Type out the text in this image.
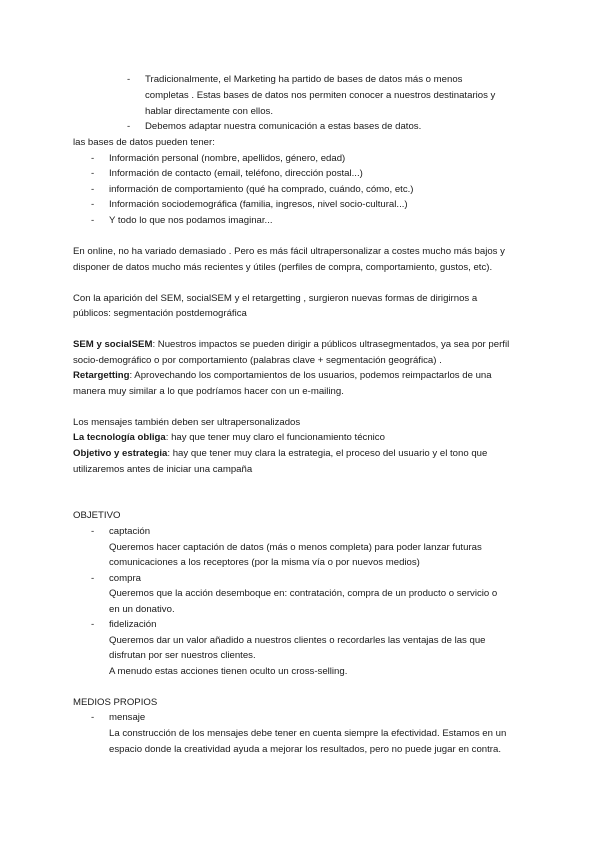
- Tradicionalmente, el Marketing ha partido de bases de datos más o menos
completas . Estas bases de datos nos permiten conocer a nuestros destinatarios y
hablar directamente con ellos.
- Debemos adaptar nuestra comunicación a estas bases de datos.
las bases de datos pueden tener:
- Información personal (nombre, apellidos, género, edad)
- Información de contacto (email, teléfono, dirección postal...)
- información de comportamiento (qué ha comprado, cuándo, cómo, etc.)
- Información sociodemográfica (familia, ingresos, nivel socio-cultural...)
- Y todo lo que nos podamos imaginar...
En online, no ha variado demasiado . Pero es más fácil ultrapersonalizar a costes mucho más bajos y
disponer de datos mucho más recientes y útiles (perfiles de compra, comportamiento, gustos, etc).
Con la aparición del SEM, socialSEM y el retargetting , surgieron nuevas formas de dirigirnos a
públicos: segmentación postdemográfica
SEM y socialSEM: Nuestros impactos se pueden dirigir a públicos ultrasegmentados, ya sea por perfil
socio-demográfico o por comportamiento (palabras clave + segmentación geográfica) .
Retargetting: Aprovechando los comportamientos de los usuarios, podemos reimpactarlos de una
manera muy similar a lo que podríamos hacer con un e-mailing.
Los mensajes también deben ser ultrapersonalizados
La tecnología obliga: hay que tener muy claro el funcionamiento técnico
Objetivo y estrategia: hay que tener muy clara la estrategia, el proceso del usuario y el tono que
utilizaremos antes de iniciar una campaña
OBJETIVO
- captación
Queremos hacer captación de datos (más o menos completa) para poder lanzar futuras
comunicaciones a los receptores (por la misma vía o por nuevos medios)
- compra
Queremos que la acción desemboque en: contratación, compra de un producto o servicio o
en un donativo.
- fidelización
Queremos dar un valor añadido a nuestros clientes o recordarles las ventajas de las que
disfrutan por ser nuestros clientes.
A menudo estas acciones tienen oculto un cross-selling.
MEDIOS PROPIOS
- mensaje
La construcción de los mensajes debe tener en cuenta siempre la efectividad. Estamos en un
espacio donde la creatividad ayuda a mejorar los resultados, pero no puede jugar en contra.
